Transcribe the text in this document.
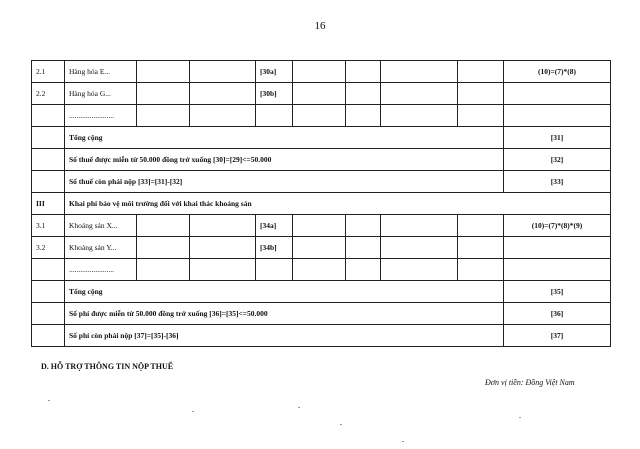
16
2.1	Hàng hóa E...			[30a]					(10)=(7)*(8)
2.2	Hàng hóa G...			[30b]					
	........................								
	Tổng cộng								[31]
	Số thuế được miễn từ 50.000 đồng trở xuống [30]=[29]<=50.000								[32]
	Số thuế còn phải nộp [33]=[31]-[32]								[33]
III	Khai phí bảo vệ môi trường đối với khai thác khoáng sản								
3.1	Khoáng sản X...			[34a]					(10)=(7)*(8)*(9)
3.2	Khoáng sản Y...			[34b]					
	........................								
	Tổng cộng								[35]
	Số phí được miễn từ 50.000 đồng trở xuống [36]=[35]<=50.000								[36]
	Số phí còn phải nộp [37]=[35]-[36]								[37]
D. HỖ TRỢ THÔNG TIN NỘP THUẾ
Đơn vị tiền: Đồng Việt Nam
